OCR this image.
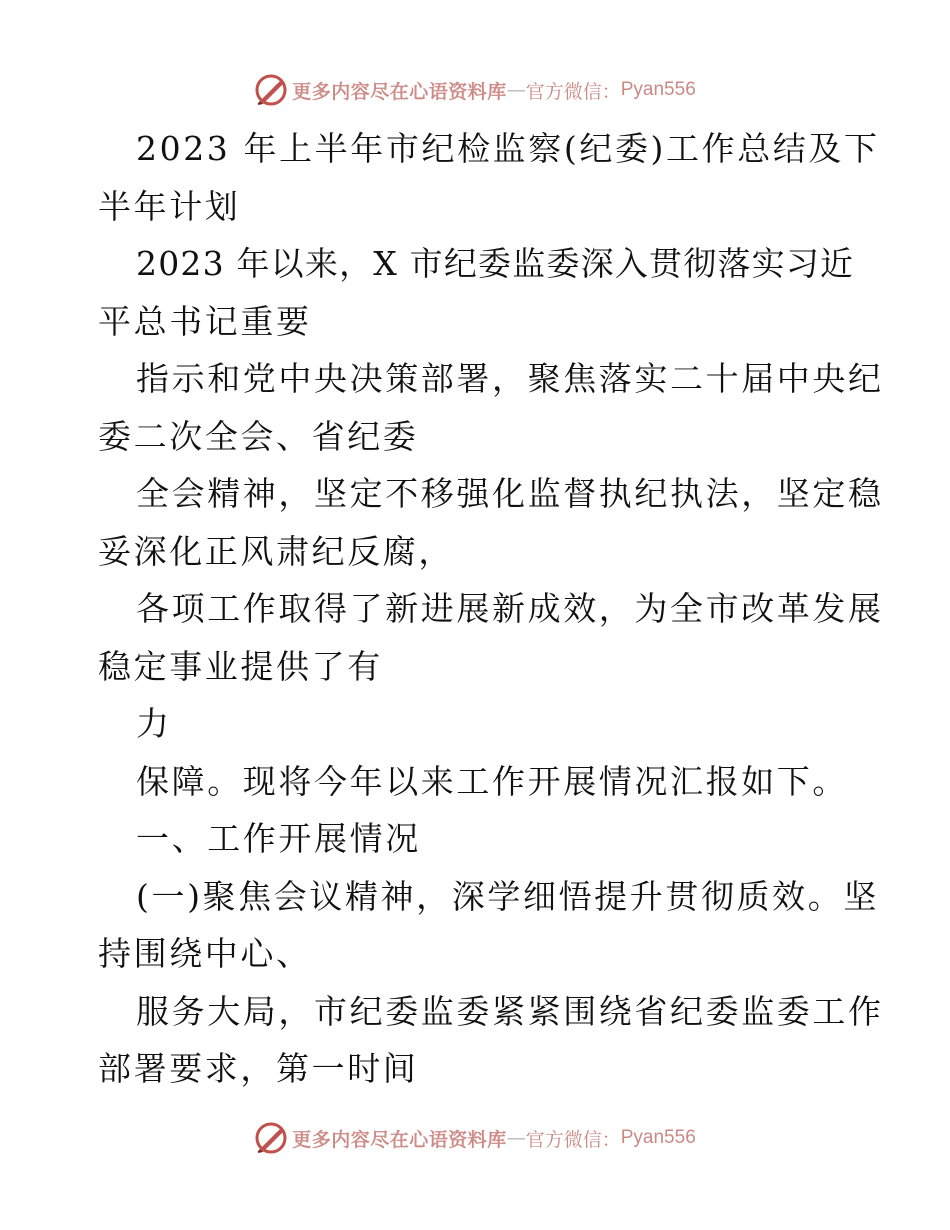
更多内容尽在心语资料库 — 官方微信： Pyan556
2023 年上半年市纪检监察(纪委)工作总结及下
半年计划
2023 年以来，X 市纪委监委深入贯彻落实习近
平总书记重要
指示和党中央决策部署，聚焦落实二十届中央纪
委二次全会、省纪委
全会精神，坚定不移强化监督执纪执法，坚定稳
妥深化正风肃纪反腐，
各项工作取得了新进展新成效，为全市改革发展
稳定事业提供了有
力
保障。现将今年以来工作开展情况汇报如下。
一、工作开展情况
(一)聚焦会议精神，深学细悟提升贯彻质效。坚
持围绕中心、
服务大局，市纪委监委紧紧围绕省纪委监委工作
部署要求，第一时间
更多内容尽在心语资料库 — 官方微信： Pyan556
